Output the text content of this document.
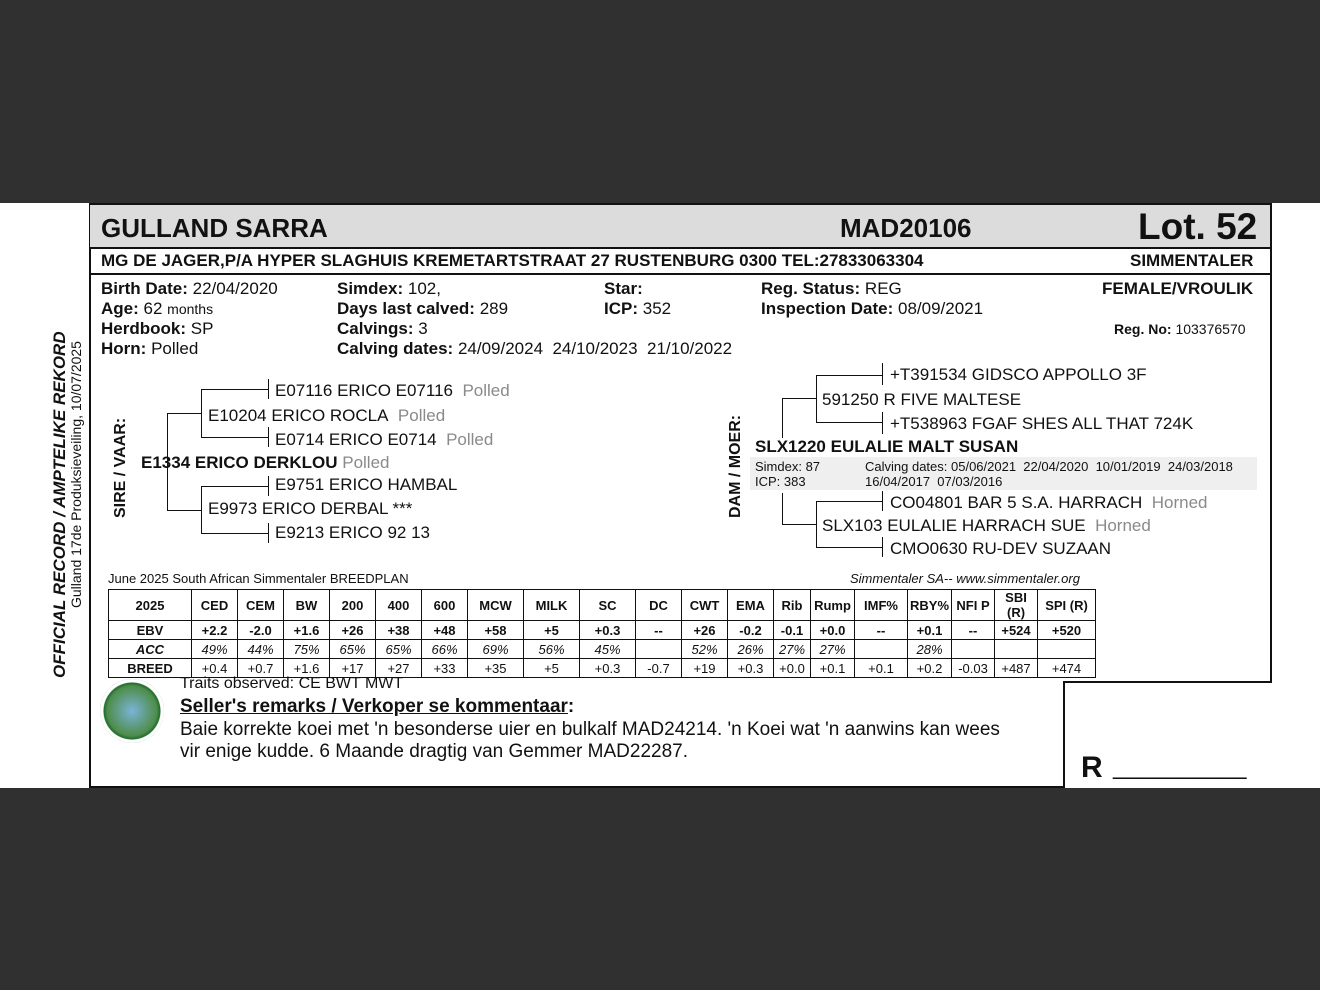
OFFICIAL RECORD / AMPTELIKE REKORD Gulland 17de Produksieveiling, 10/07/2025
GULLAND SARRA	MAD20106	Lot. 52
MG DE JAGER,P/A HYPER SLAGHUIS KREMETARTSTRAAT 27 RUSTENBURG 0300 TEL:27833063304	SIMMENTALER
Birth Date: 22/04/2020
Age: 62 months
Herdbook: SP
Horn: Polled
Simdex: 102,
Days last calved: 289
Calvings: 3
Calving dates: 24/09/2024  24/10/2023  21/10/2022
Star:
ICP: 352
Reg. Status: REG
Inspection Date: 08/09/2021
FEMALE/VROULIK
Reg. No: 103376570
SIRE / VAAR:
E07116 ERICO E07116 Polled
E10204 ERICO ROCLA Polled
E0714 ERICO E0714 Polled
E1334 ERICO DERKLOU Polled
E9751 ERICO HAMBAL
E9973 ERICO DERBAL ***
E9213 ERICO 92 13
DAM / MOER:
+T391534 GIDSCO APPOLLO 3F
591250 R FIVE MALTESE
+T538963 FGAF SHES ALL THAT 724K
SLX1220 EULALIE MALT SUSAN
Simdex: 87
ICP: 383
Calving dates: 05/06/2021  22/04/2020  10/01/2019  24/03/2018
16/04/2017  07/03/2016
CO04801 BAR 5 S.A. HARRACH Horned
SLX103 EULALIE HARRACH SUE Horned
CMO0630 RU-DEV SUZAAN
June 2025 South African Simmentaler BREEDPLAN	Simmentaler SA-- www.simmentaler.org
2025	CED	CEM	BW	200	400	600	MCW	MILK	SC	DC	CWT	EMA	Rib	Rump	IMF%	RBY%	NFI P	SBI (R)	SPI (R)
EBV	+2.2	-2.0	+1.6	+26	+38	+48	+58	+5	+0.3	--	+26	-0.2	-0.1	+0.0	--	+0.1	--	+524	+520
ACC	49%	44%	75%	65%	65%	66%	69%	56%	45%		52%	26%	27%	27%		28%			
BREED	+0.4	+0.7	+1.6	+17	+27	+33	+35	+5	+0.3	-0.7	+19	+0.3	+0.0	+0.1	+0.1	+0.2	-0.03	+487	+474
Traits observed: CE BWT MWT
Seller's remarks / Verkoper se kommentaar:
Baie korrekte koei met 'n besonderse uier en bulkalf MAD24214. 'n Koei wat 'n aanwins kan wees
vir enige kudde. 6 Maande dragtig van Gemmer MAD22287.	R __________
